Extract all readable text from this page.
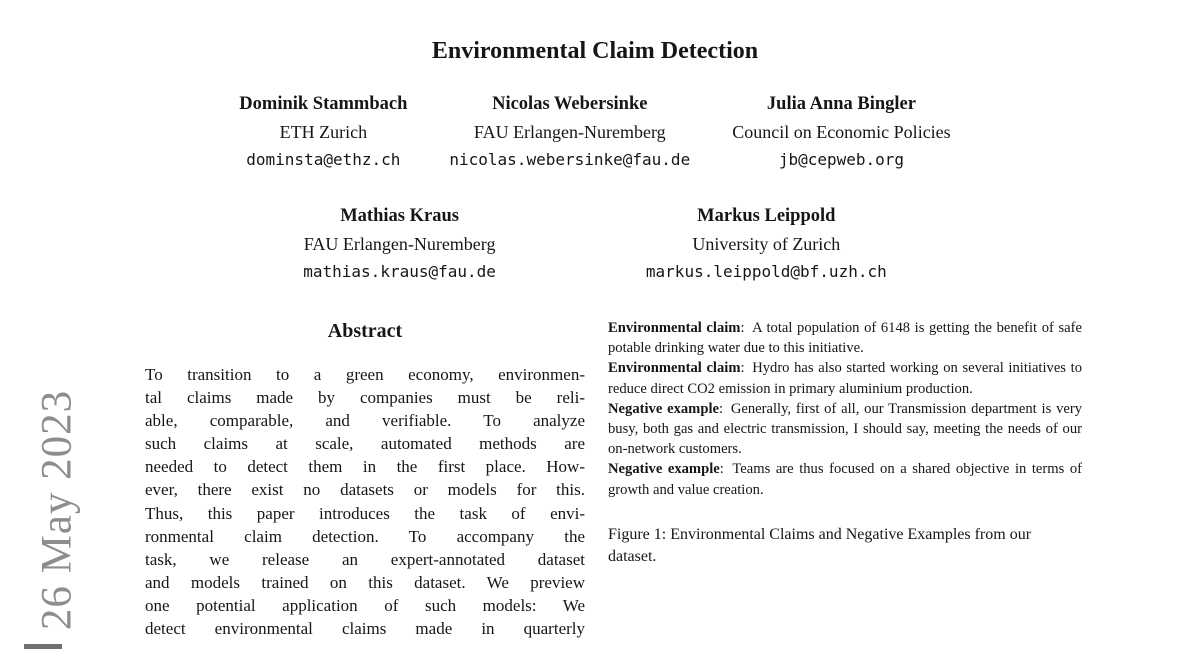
26 May 2023
Environmental Claim Detection
Dominik Stammbach
ETH Zurich
dominsta@ethz.ch
Nicolas Webersinke
FAU Erlangen-Nuremberg
nicolas.webersinke@fau.de
Julia Anna Bingler
Council on Economic Policies
jb@cepweb.org
Mathias Kraus
FAU Erlangen-Nuremberg
mathias.kraus@fau.de
Markus Leippold
University of Zurich
markus.leippold@bf.uzh.ch
Abstract
To transition to a green economy, environmen-
tal claims made by companies must be reli-
able, comparable, and verifiable. To analyze
such claims at scale, automated methods are
needed to detect them in the first place. How-
ever, there exist no datasets or models for this.
Thus, this paper introduces the task of envi-
ronmental claim detection. To accompany the
task, we release an expert-annotated dataset
and models trained on this dataset. We preview
one potential application of such models: We
detect environmental claims made in quarterly

Environmental claim: A total population of 6148 is getting the benefit of safe potable drinking water due to this initiative.

Environmental claim: Hydro has also started working on several initiatives to reduce direct CO2 emission in primary aluminium production.

Negative example: Generally, first of all, our Transmission department is very busy, both gas and electric transmission, I should say, meeting the needs of our on-network customers.

Negative example: Teams are thus focused on a shared objective in terms of growth and value creation.

Figure 1: Environmental Claims and Negative Examples from our dataset.
